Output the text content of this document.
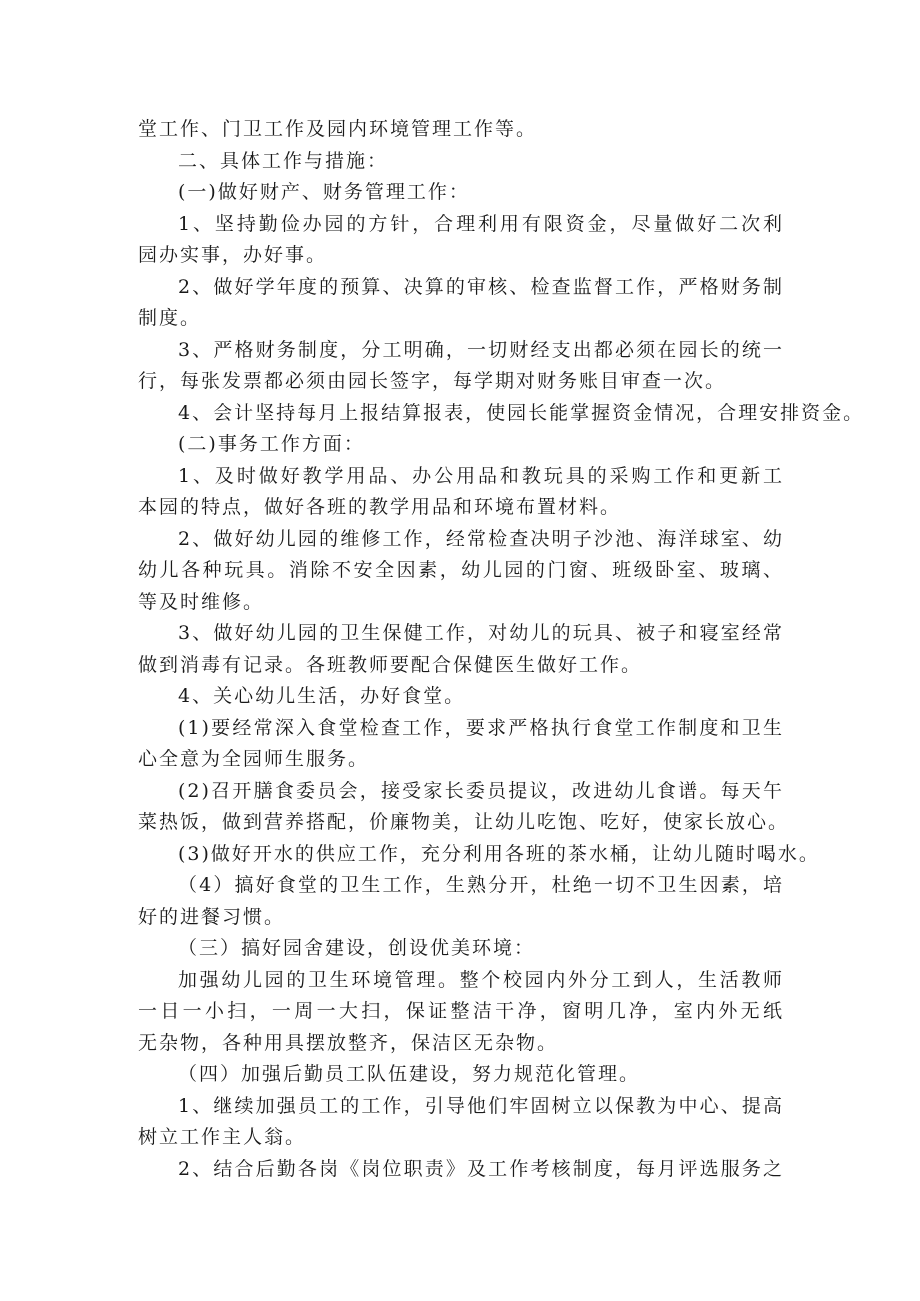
堂工作、门卫工作及园内环境管理工作等。
二、具体工作与措施：
(一)做好财产、财务管理工作：
1、坚持勤俭办园的方针，合理利用有限资金，尽量做好二次利
园办实事，办好事。
2、做好学年度的预算、决算的审核、检查监督工作，严格财务制
制度。
3、严格财务制度，分工明确，一切财经支出都必须在园长的统一
行，每张发票都必须由园长签字，每学期对财务账目审查一次。
4、会计坚持每月上报结算报表，使园长能掌握资金情况，合理安排资金。
(二)事务工作方面：
1、及时做好教学用品、办公用品和教玩具的采购工作和更新工
本园的特点，做好各班的教学用品和环境布置材料。
2、做好幼儿园的维修工作，经常检查决明子沙池、海洋球室、幼
幼儿各种玩具。消除不安全因素，幼儿园的门窗、班级卧室、玻璃、
等及时维修。
3、做好幼儿园的卫生保健工作，对幼儿的玩具、被子和寝室经常
做到消毒有记录。各班教师要配合保健医生做好工作。
4、关心幼儿生活，办好食堂。
(1)要经常深入食堂检查工作，要求严格执行食堂工作制度和卫生
心全意为全园师生服务。
(2)召开膳食委员会，接受家长委员提议，改进幼儿食谱。每天午
菜热饭，做到营养搭配，价廉物美，让幼儿吃饱、吃好，使家长放心。
(3)做好开水的供应工作，充分利用各班的茶水桶，让幼儿随时喝水。
（4）搞好食堂的卫生工作，生熟分开，杜绝一切不卫生因素，培
好的进餐习惯。
（三）搞好园舍建设，创设优美环境：
加强幼儿园的卫生环境管理。整个校园内外分工到人，生活教师
一日一小扫，一周一大扫，保证整洁干净，窗明几净，室内外无纸
无杂物，各种用具摆放整齐，保洁区无杂物。
（四）加强后勤员工队伍建设，努力规范化管理。
1、继续加强员工的工作，引导他们牢固树立以保教为中心、提高
树立工作主人翁。
2、结合后勤各岗《岗位职责》及工作考核制度，每月评选服务之
